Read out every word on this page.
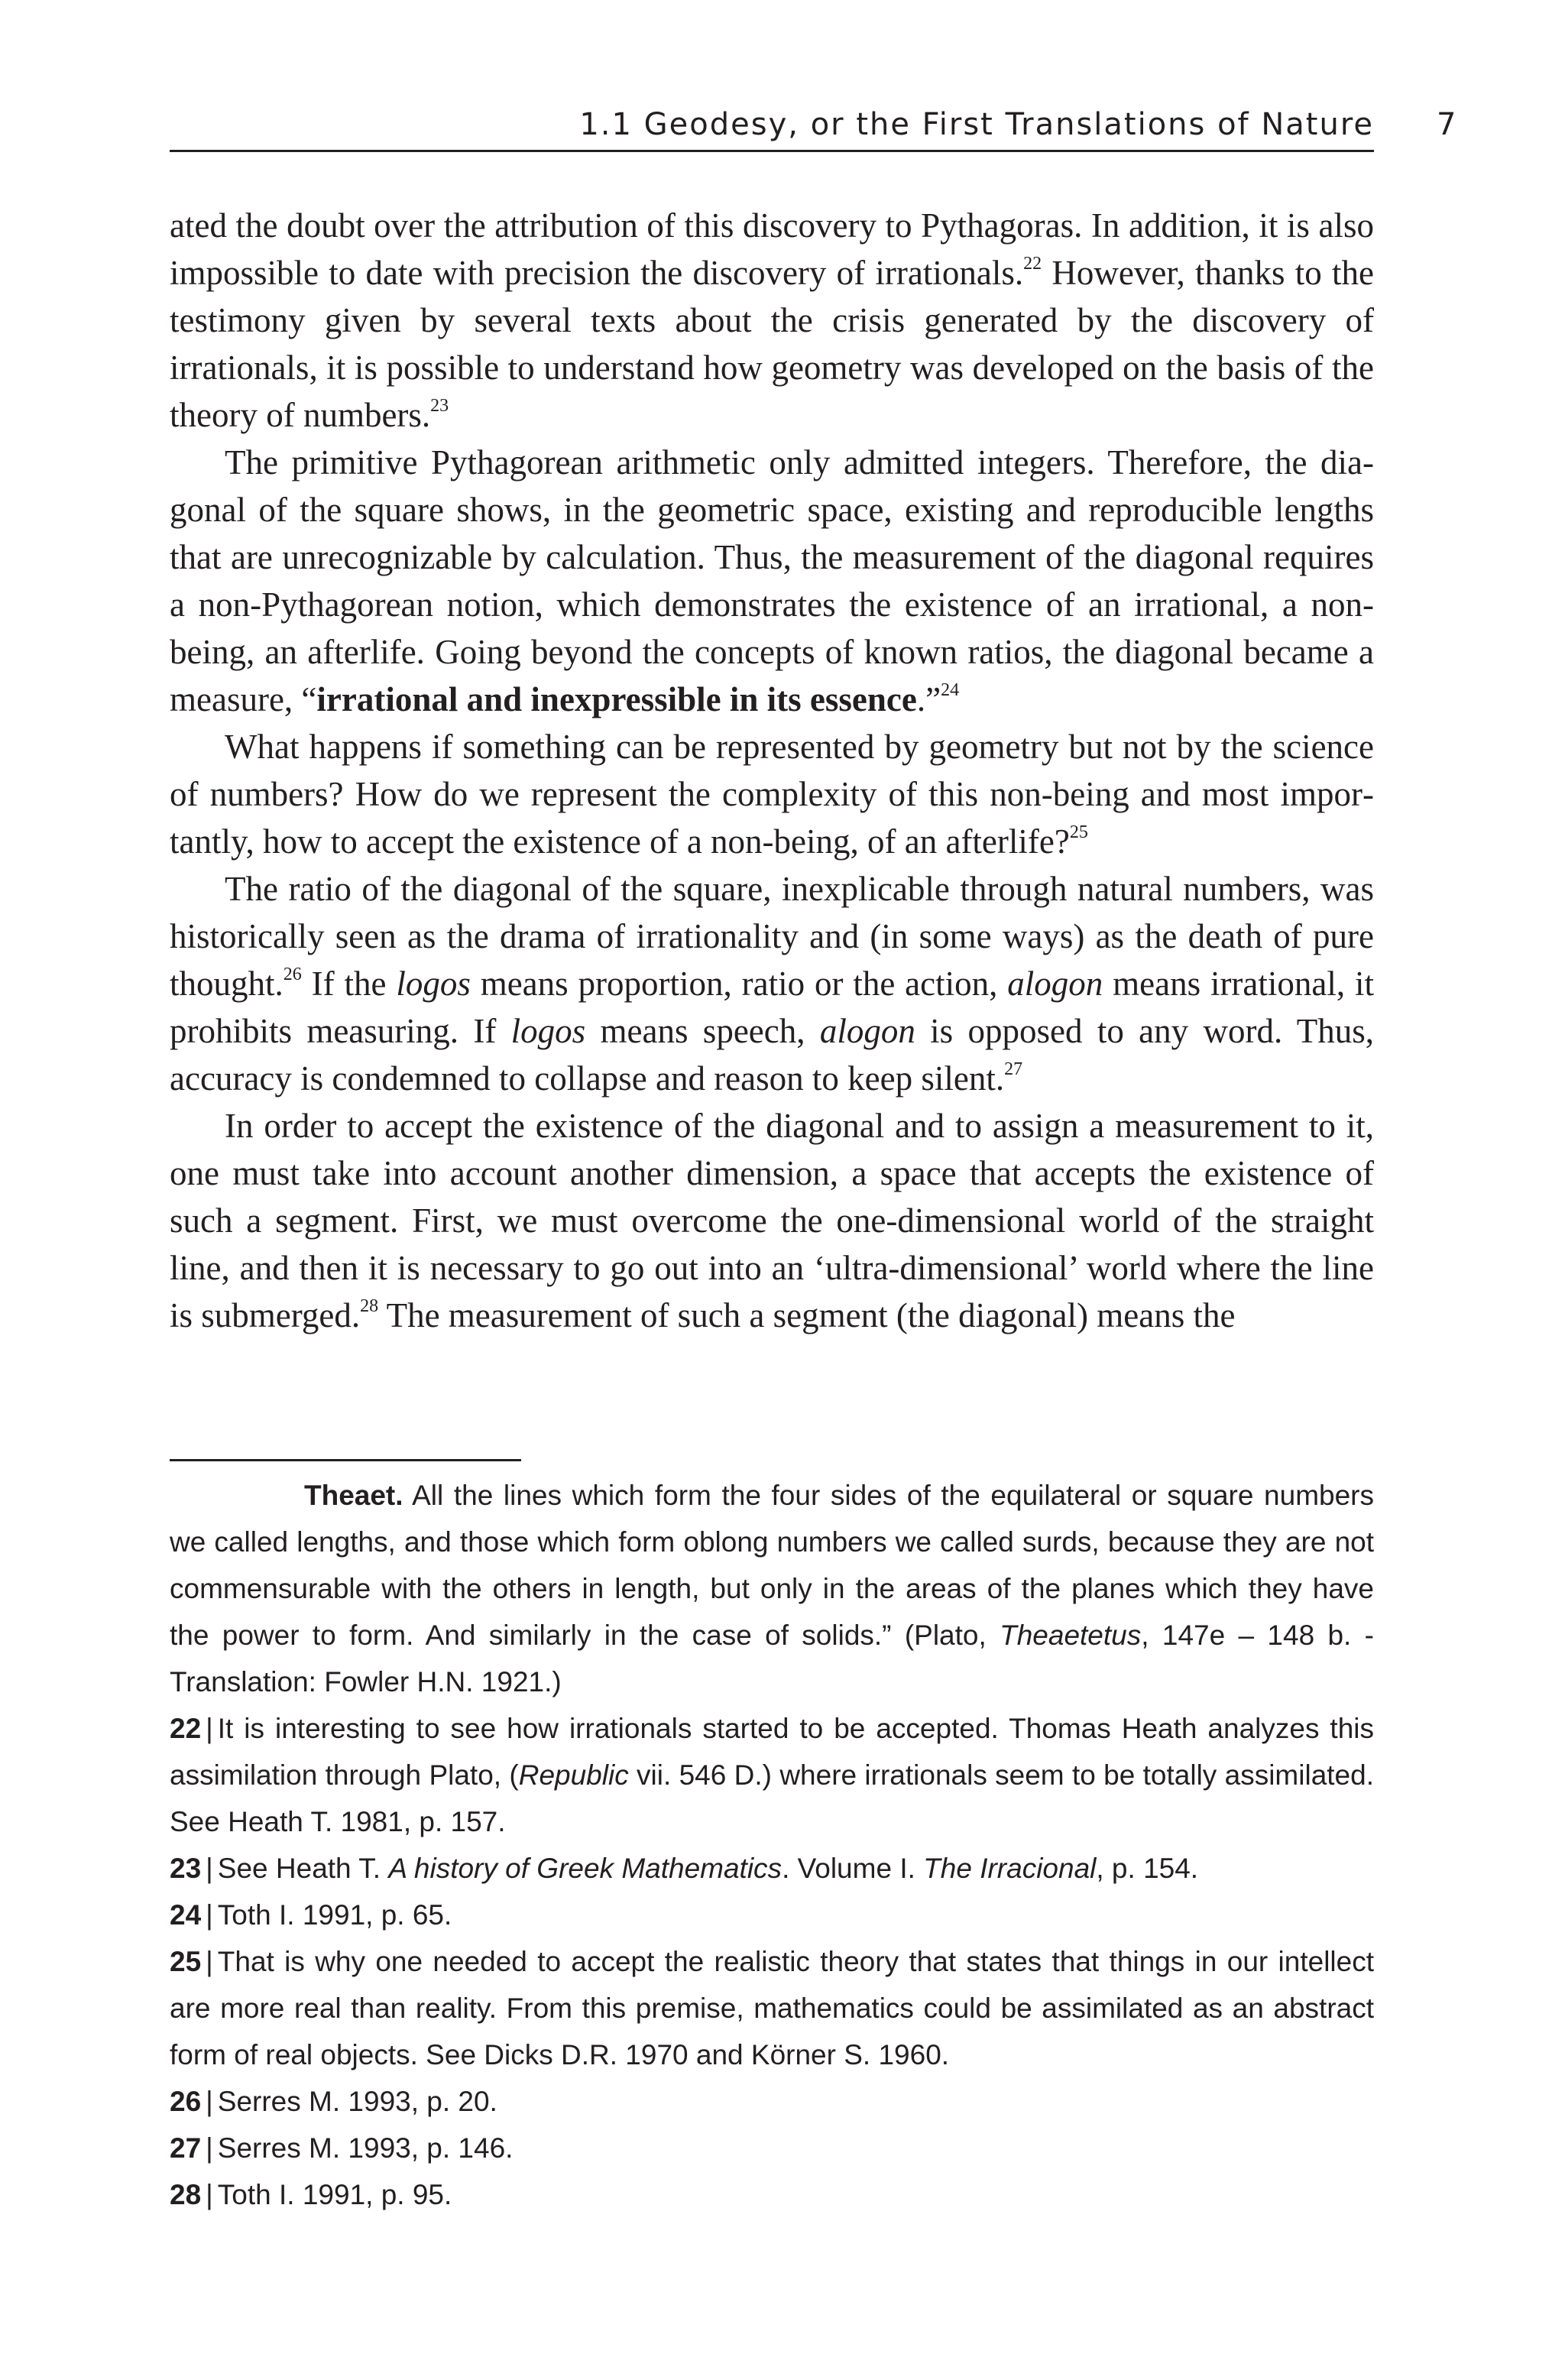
1.1 Geodesy, or the First Translations of Nature 7

ated the doubt over the attribution of this discovery to Pythagoras. In addition, it is also impossible to date with precision the discovery of irrationals.$^{22}$ However, thanks to the testimony given by several texts about the crisis generated by the discovery of irrationals, it is possible to understand how geometry was developed on the basis of the theory of numbers.$^{23}$

The primitive Pythagorean arithmetic only admitted integers. Therefore, the diagonal of the square shows, in the geometric space, existing and reproducible lengths that are unrecognizable by calculation. Thus, the measurement of the diagonal requires a non-Pythagorean notion, which demonstrates the existence of an irrational, a non-being, an afterlife. Going beyond the concepts of known ratios, the diagonal became a measure, “irrational and inexpressible in its essence.”$^{24}$

What happens if something can be represented by geometry but not by the science of numbers? How do we represent the complexity of this non-being and most importantly, how to accept the existence of a non-being, of an afterlife?$^{25}$

The ratio of the diagonal of the square, inexplicable through natural numbers, was historically seen as the drama of irrationality and (in some ways) as the death of pure thought.$^{26}$ If the logos means proportion, ratio or the action, alogon means irrational, it prohibits measuring. If logos means speech, alogon is opposed to any word. Thus, accuracy is condemned to collapse and reason to keep silent.$^{27}$

In order to accept the existence of the diagonal and to assign a measurement to it, one must take into account another dimension, a space that accepts the existence of such a segment. First, we must overcome the one-dimensional world of the straight line, and then it is necessary to go out into an ‘ultra-dimensional’ world where the line is submerged.$^{28}$ The measurement of such a segment (the diagonal) means the

Theaet. All the lines which form the four sides of the equilateral or square numbers we called lengths, and those which form oblong numbers we called surds, because they are not commensurable with the others in length, but only in the areas of the planes which they have the power to form. And similarly in the case of solids.” (Plato, Theaetetus, 147e – 148 b. - Translation: Fowler H.N. 1921.)

22 | It is interesting to see how irrationals started to be accepted. Thomas Heath analyzes this assimilation through Plato, (Republic vii. 546 D.) where irrationals seem to be totally assimilated. See Heath T. 1981, p. 157.

23 | See Heath T. A history of Greek Mathematics. Volume I. The Irracional, p. 154.

24 | Toth I. 1991, p. 65.

25 | That is why one needed to accept the realistic theory that states that things in our intellect are more real than reality. From this premise, mathematics could be assimilated as an abstract form of real objects. See Dicks D.R. 1970 and Körner S. 1960.

26 | Serres M. 1993, p. 20.

27 | Serres M. 1993, p. 146.

28 | Toth I. 1991, p. 95.
